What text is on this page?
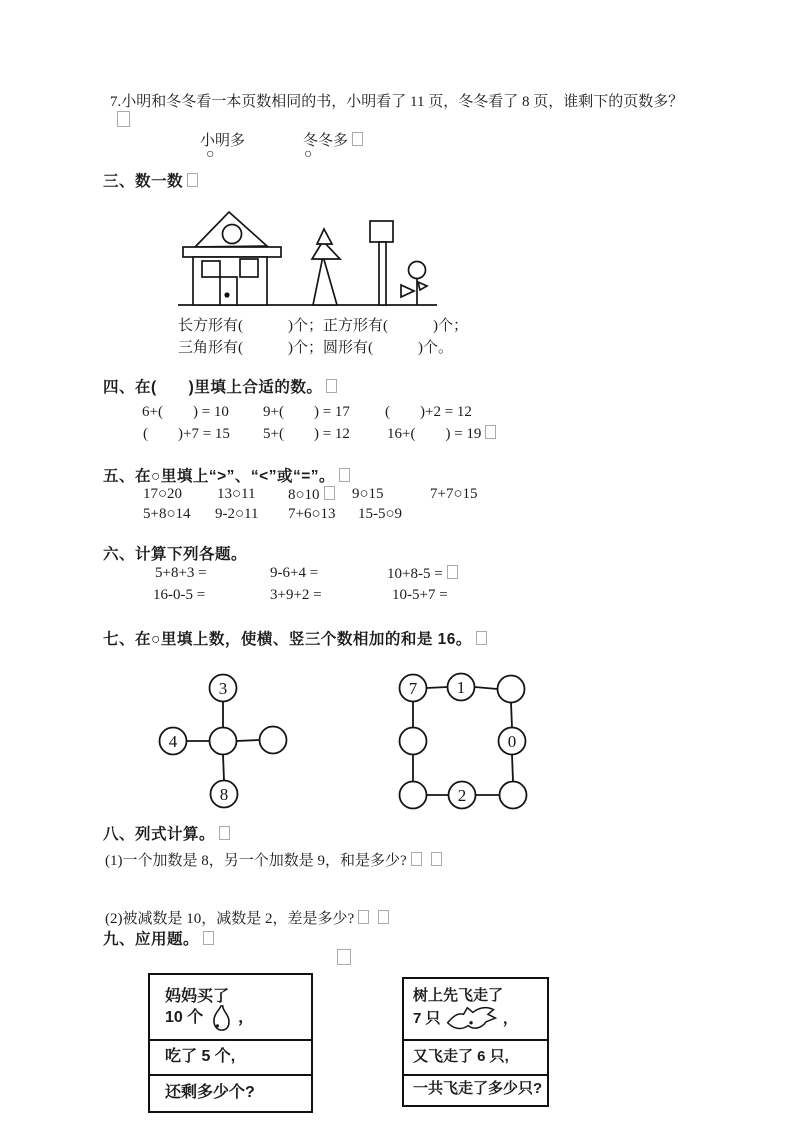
7.小明和冬冬看一本页数相同的书，小明看了 11 页，冬冬看了 8 页，谁剩下的页数多？
小明多	冬冬多
○	○
三、数一数
长方形有(　　　)个；正方形有(　　　)个；
三角形有(　　　)个；圆形有(　　　)个。
四、在(　　)里填上合适的数。
6+(　　) = 10 9+(　　) = 17 (　　)+2 = 12
(　　)+7 = 15 5+(　　) = 12 16+(　　) = 19
五、在○里填上“>”、“<”或“=”。
17○20 13○11 8○10	9○15	7+7○15
5+8○14 9-2○11 7+6○13 15-5○9
六、计算下列各题。
5+8+3 =	9-6+4 =	10+8-5 =
16-0-5 =	3+9+2 =	10-5+7 =
七、在○里填上数，使横、竖三个数相加的和是 16。
3
4
8
7 1
0
2
八、列式计算。
(1)一个加数是 8，另一个加数是 9，和是多少?
(2)被减数是 10，减数是 2，差是多少?
九、应用题。
妈妈买了
10 个 ，
吃了 5 个,
还剩多少个?
树上先飞走了
7 只	，
又飞走了 6 只,
一共飞走了多少只?
